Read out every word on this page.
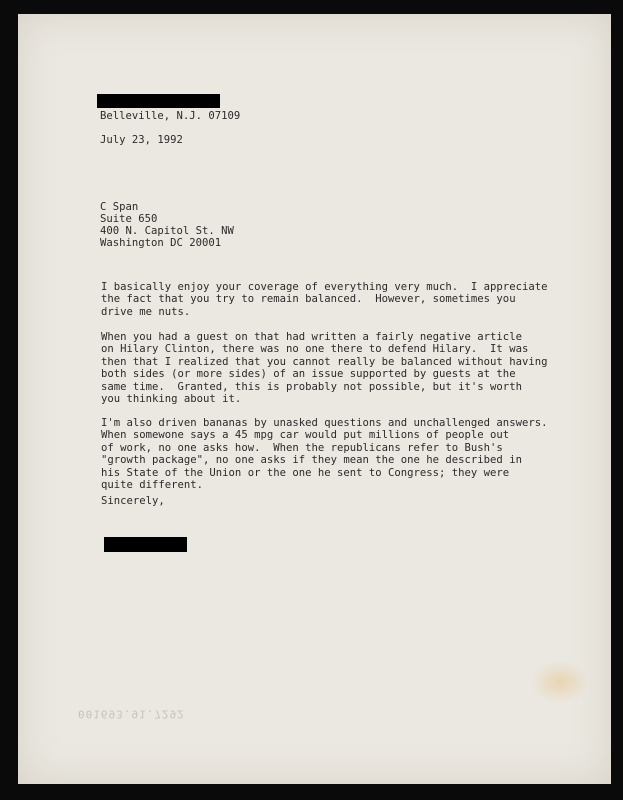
Belleville, N.J. 07109
July 23, 1992
C Span
Suite 650
400 N. Capitol St. NW
Washington DC 20001

I basically enjoy your coverage of everything very much.  I appreciate

the fact that you try to remain balanced.  However, sometimes you

drive me nuts.

When you had a guest on that had written a fairly negative article

on Hilary Clinton, there was no one there to defend Hilary.  It was

then that I realized that you cannot really be balanced without having

both sides (or more sides) of an issue supported by guests at the

same time.  Granted, this is probably not possible, but it's worth

you thinking about it.

I'm also driven bananas by unasked questions and unchallenged answers.

When somewone says a 45 mpg car would put millions of people out

of work, no one asks how.  When the republicans refer to Bush's

"growth package", no one asks if they mean the one he described in

his State of the Union or the one he sent to Congress; they were

quite different.

Sincerely,
001693.91.7292
